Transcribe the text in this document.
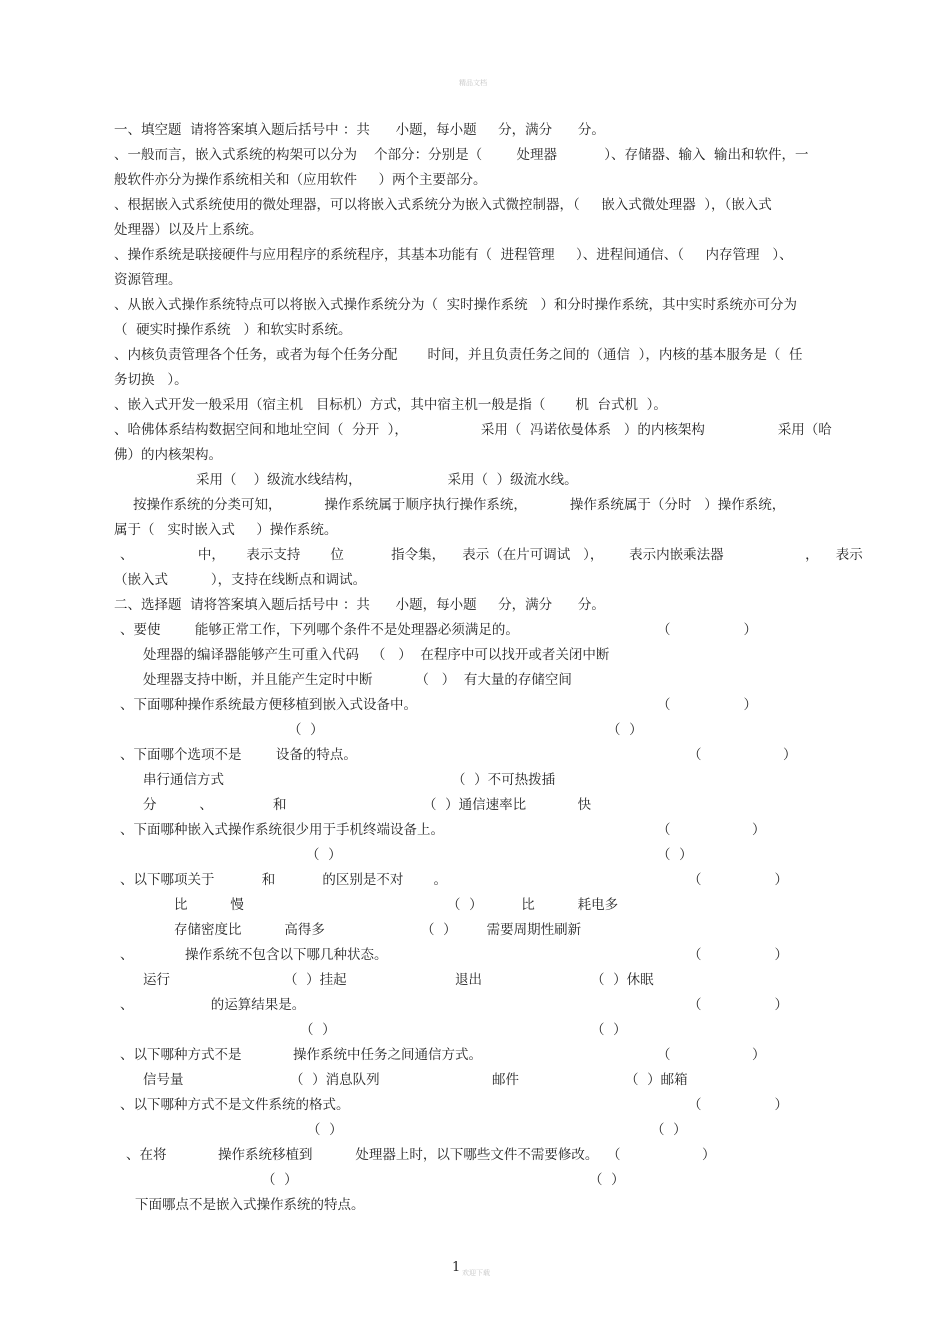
精品文档
一、填空题  请将答案填入题后括号中 ：共      小题，每小题     分，满分      分。
、一般而言，嵌入式系统的构架可以分为    个部分：分别是（        处理器           ）、存储器、输入  输出和软件，一
般软件亦分为操作系统相关和（应用软件     ）两个主要部分。
、根据嵌入式系统使用的微处理器，可以将嵌入式系统分为嵌入式微控制器，（     嵌入式微处理器  ），（嵌入式
处理器）以及片上系统。
、操作系统是联接硬件与应用程序的系统程序，其基本功能有（  进程管理     ）、进程间通信、（     内存管理   ）、
资源管理。
、从嵌入式操作系统特点可以将嵌入式操作系统分为（  实时操作系统   ）和分时操作系统，其中实时系统亦可分为
（  硬实时操作系统   ）和软实时系统。
、内核负责管理各个任务，或者为每个任务分配       时间，并且负责任务之间的（通信  ），内核的基本服务是（  任
务切换   ）。
、嵌入式开发一般采用（宿主机   目标机）方式，其中宿主机一般是指（       机  台式机  ）。
、哈佛体系结构数据空间和地址空间（  分开  ），                 采用（  冯诺依曼体系   ）的内核架构                 采用（哈
佛）的内核架构。
采用（    ）级流水线结构，                    采用（  ）级流水线。
按操作系统的分类可知，          操作系统属于顺序执行操作系统，          操作系统属于（分时   ）操作系统，
属于（   实时嵌入式     ）操作系统。
、               中，     表示支持       位           指令集，    表示（在片可调试   ），      表示内嵌乘法器                   ，    表示
（嵌入式          ），支持在线断点和调试。
二、选择题  请将答案填入题后括号中 ：共      小题，每小题     分，满分      分。
、要使        能够正常工作，下列哪个条件不是处理器必须满足的。	（                 ）
处理器的编译器能够产生可重入代码   （   ）  在程序中可以找开或者关闭中断
处理器支持中断，并且能产生定时中断          （   ）  有大量的存储空间
、下面哪种操作系统最方便移植到嵌入式设备中。	（                 ）
（  ）	（  ）
、下面哪个选项不是        设备的特点。	（                   ）
串行通信方式	（  ）不可热拨插
分          、              和	（  ）通信速率比            快
、下面哪种嵌入式操作系统很少用于手机终端设备上。	（                   ）
（  ）	（  ）
、以下哪项关于           和           的区别是不对       。	（                 ）
比          慢	（  ）         比          耗电多
存储密度比          高得多	（  ）       需要周期性刷新
、            操作系统不包含以下哪几种状态。	（                 ）
运行	（  ）挂起	退出	（  ）休眠
、                  的运算结果是。	（                 ）
（  ）	（  ）
、以下哪种方式不是            操作系统中任务之间通信方式。	（                   ）
信号量	（  ）消息队列	邮件	（  ）邮箱
、以下哪种方式不是文件系统的格式。	（                 ）
（  ）	（  ）
、在将            操作系统移植到          处理器上时，以下哪些文件不需要修改。  （                   ）
（  ）	（  ）
下面哪点不是嵌入式操作系统的特点。
1 欢迎下载
